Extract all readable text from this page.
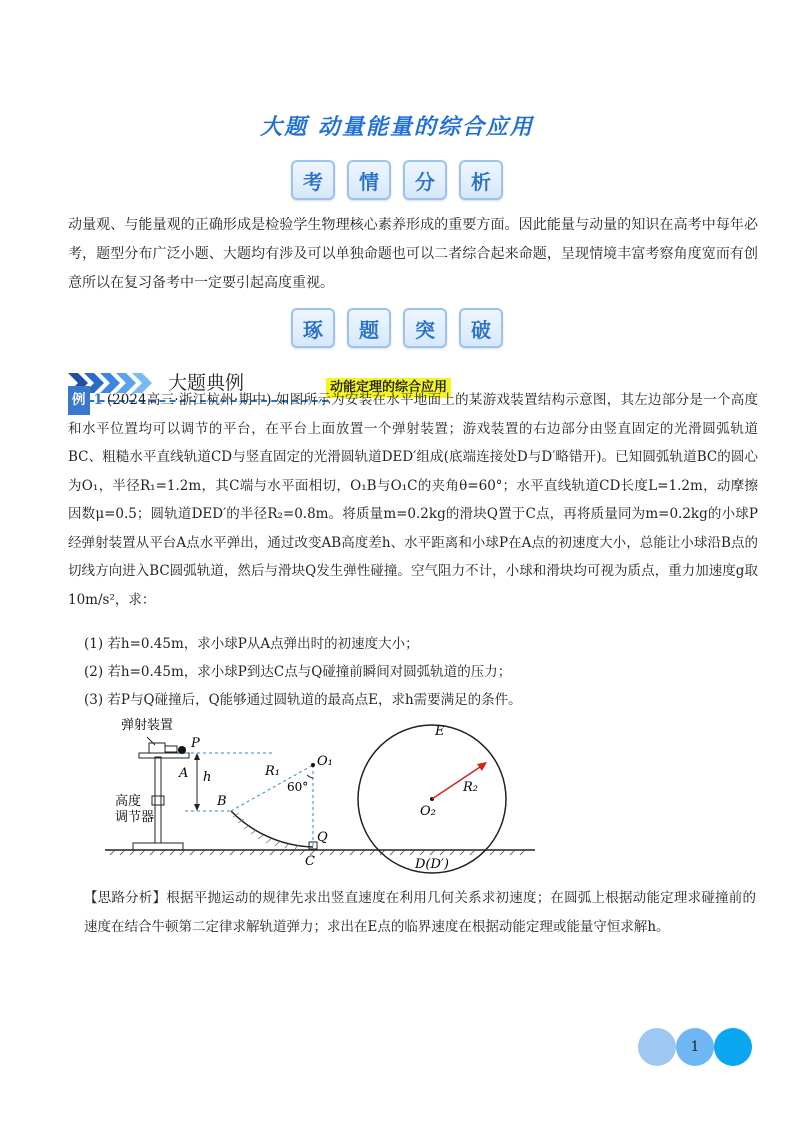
大题 动量能量的综合应用
考	情	分	析
动量观、与能量观的正确形成是检验学生物理核心素养形成的重要方面。因此能量与动量的知识在高考中每年必考，题型分布广泛小题、大题均有涉及可以单独命题也可以二者综合起来命题，呈现情境丰富考察角度宽而有创意所以在复习备考中一定要引起高度重视。
琢	题	突	破
大题典例	动能定理的综合应用
例 1 (2024高三·浙江杭州·期中) 如图所示为安装在水平地面上的某游戏装置结构示意图，其左边部分是一个高度和水平位置均可以调节的平台，在平台上面放置一个弹射装置；游戏装置的右边部分由竖直固定的光滑圆弧轨道BC、粗糙水平直线轨道CD与竖直固定的光滑圆轨道DED′组成(底端连接处D与D′略错开)。已知圆弧轨道BC的圆心为O₁，半径R₁=1.2m，其C端与水平面相切，O₁B与O₁C的夹角θ=60°；水平直线轨道CD长度L=1.2m，动摩擦因数μ=0.5；圆轨道DED′的半径R₂=0.8m。将质量m=0.2kg的滑块Q置于C点，再将质量同为m=0.2kg的小球P经弹射装置从平台A点水平弹出，通过改变AB高度差h、水平距离和小球P在A点的初速度大小，总能让小球沿B点的切线方向进入BC圆弧轨道，然后与滑块Q发生弹性碰撞。空气阻力不计，小球和滑块均可视为质点，重力加速度g取10m/s²，求：
(1) 若h=0.45m，求小球P从A点弹出时的初速度大小；
(2) 若h=0.45m，求小球P到达C点与Q碰撞前瞬间对圆弧轨道的压力；
(3) 若P与Q碰撞后，Q能够通过圆轨道的最高点E，求h需要满足的条件。
弹射装置
高度
调节器
P
A h
B
O₁
R₁
60°
Q
C
E
O₂
R₂
D(D′)
【思路分析】根据平抛运动的规律先求出竖直速度在利用几何关系求初速度；在圆弧上根据动能定理求碰撞前的速度在结合牛顿第二定律求解轨道弹力；求出在E点的临界速度在根据动能定理或能量守恒求解h。
1
